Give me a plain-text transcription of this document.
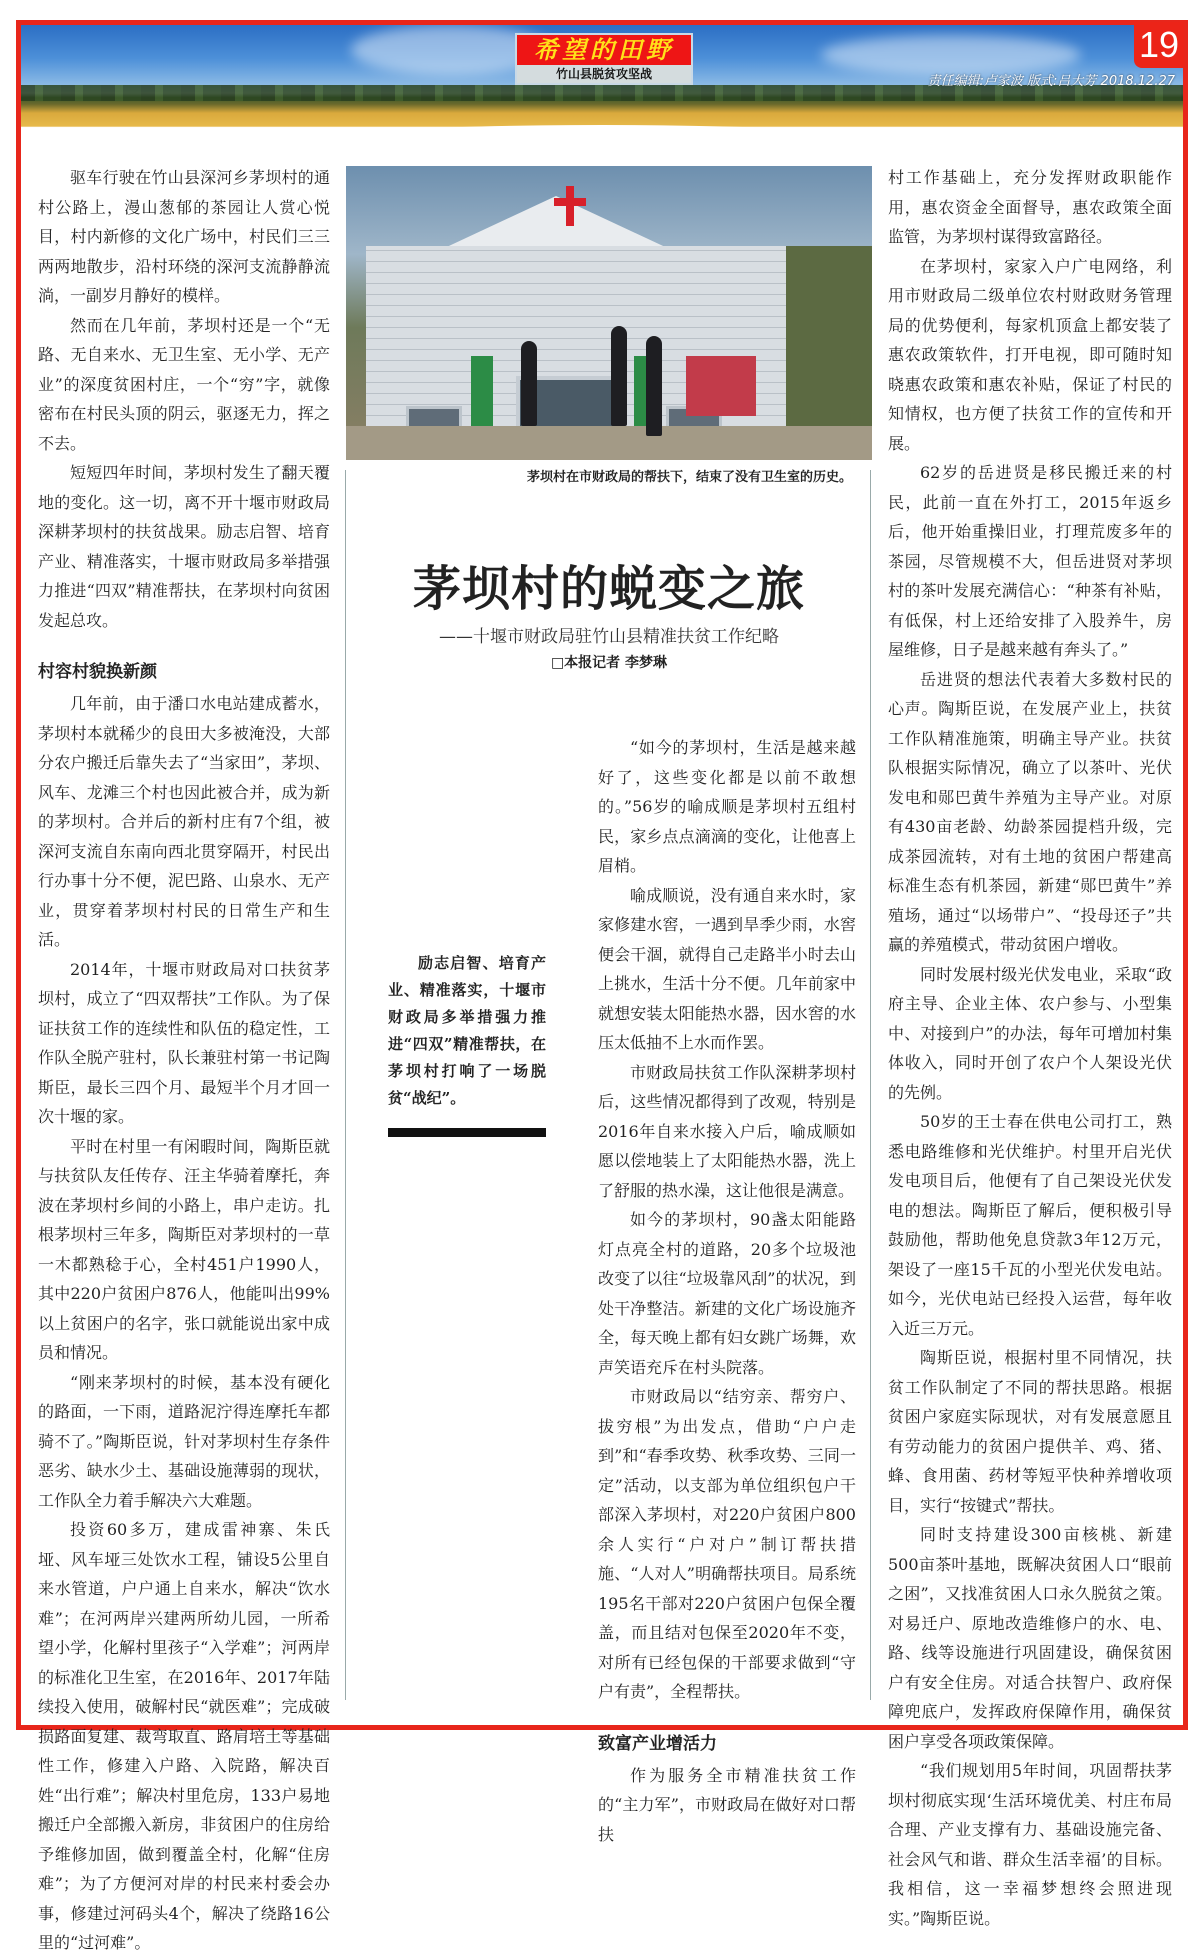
希望的田野
竹山县脱贫攻坚战
19
责任编辑:卢家波 版式:吕大芳 2018.12.27
茅坝村在市财政局的帮扶下，结束了没有卫生室的历史。
茅坝村的蜕变之旅
——十堰市财政局驻竹山县精准扶贫工作纪略
□本报记者 李梦琳
励志启智、培育产业、精准落实，十堰市财政局多举措强力推进“四双”精准帮扶，在茅坝村打响了一场脱贫“战纪”。

驱车行驶在竹山县深河乡茅坝村的通村公路上，漫山葱郁的茶园让人赏心悦目，村内新修的文化广场中，村民们三三两两地散步，沿村环绕的深河支流静静流淌，一副岁月静好的模样。

然而在几年前，茅坝村还是一个“无路、无自来水、无卫生室、无小学、无产业”的深度贫困村庄，一个“穷”字，就像密布在村民头顶的阴云，驱逐无力，挥之不去。

短短四年时间，茅坝村发生了翻天覆地的变化。这一切，离不开十堰市财政局深耕茅坝村的扶贫战果。励志启智、培育产业、精准落实，十堰市财政局多举措强力推进“四双”精准帮扶，在茅坝村向贫困发起总攻。

村容村貌换新颜

几年前，由于潘口水电站建成蓄水，茅坝村本就稀少的良田大多被淹没，大部分农户搬迁后靠失去了“当家田”，茅坝、风车、龙滩三个村也因此被合并，成为新的茅坝村。合并后的新村庄有7个组，被深河支流自东南向西北贯穿隔开，村民出行办事十分不便，泥巴路、山泉水、无产业，贯穿着茅坝村村民的日常生产和生活。

2014年，十堰市财政局对口扶贫茅坝村，成立了“四双帮扶”工作队。为了保证扶贫工作的连续性和队伍的稳定性，工作队全脱产驻村，队长兼驻村第一书记陶斯臣，最长三四个月、最短半个月才回一次十堰的家。

平时在村里一有闲暇时间，陶斯臣就与扶贫队友任传存、汪主华骑着摩托，奔波在茅坝村乡间的小路上，串户走访。扎根茅坝村三年多，陶斯臣对茅坝村的一草一木都熟稔于心，全村451户1990人，其中220户贫困户876人，他能叫出99%以上贫困户的名字，张口就能说出家中成员和情况。

“刚来茅坝村的时候，基本没有硬化的路面，一下雨，道路泥泞得连摩托车都骑不了。”陶斯臣说，针对茅坝村生存条件恶劣、缺水少土、基础设施薄弱的现状，工作队全力着手解决六大难题。

投资60多万，建成雷神寨、朱氏垭、风车垭三处饮水工程，铺设5公里自来水管道，户户通上自来水，解决“饮水难”；在河两岸兴建两所幼儿园，一所希望小学，化解村里孩子“入学难”；河两岸的标准化卫生室，在2016年、2017年陆续投入使用，破解村民“就医难”；完成破损路面复建、裁弯取直、路肩培土等基础性工作，修建入户路、入院路，解决百姓“出行难”；解决村里危房，133户易地搬迁户全部搬入新房，非贫困户的住房给予维修加固，做到覆盖全村，化解“住房难”；为了方便河对岸的村民来村委会办事，修建过河码头4个，解决了绕路16公里的“过河难”。

“如今的茅坝村，生活是越来越好了，这些变化都是以前不敢想的。”56岁的喻成顺是茅坝村五组村民，家乡点点滴滴的变化，让他喜上眉梢。

喻成顺说，没有通自来水时，家家修建水窖，一遇到旱季少雨，水窖便会干涸，就得自己走路半小时去山上挑水，生活十分不便。几年前家中就想安装太阳能热水器，因水窖的水压太低抽不上水而作罢。

市财政局扶贫工作队深耕茅坝村后，这些情况都得到了改观，特别是2016年自来水接入户后，喻成顺如愿以偿地装上了太阳能热水器，洗上了舒服的热水澡，这让他很是满意。

如今的茅坝村，90盏太阳能路灯点亮全村的道路，20多个垃圾池改变了以往“垃圾靠风刮”的状况，到处干净整洁。新建的文化广场设施齐全，每天晚上都有妇女跳广场舞，欢声笑语充斥在村头院落。

市财政局以“结穷亲、帮穷户、拔穷根”为出发点，借助“户户走到”和“春季攻势、秋季攻势、三同一定”活动，以支部为单位组织包户干部深入茅坝村，对220户贫困户800余人实行“户对户”制订帮扶措施、“人对人”明确帮扶项目。局系统195名干部对220户贫困户包保全覆盖，而且结对包保至2020年不变，对所有已经包保的干部要求做到“守户有责”，全程帮扶。

致富产业增活力

作为服务全市精准扶贫工作的“主力军”，市财政局在做好对口帮扶

村工作基础上，充分发挥财政职能作用，惠农资金全面督导，惠农政策全面监管，为茅坝村谋得致富路径。

在茅坝村，家家入户广电网络，利用市财政局二级单位农村财政财务管理局的优势便利，每家机顶盒上都安装了惠农政策软件，打开电视，即可随时知晓惠农政策和惠农补贴，保证了村民的知情权，也方便了扶贫工作的宣传和开展。

62岁的岳进贤是移民搬迁来的村民，此前一直在外打工，2015年返乡后，他开始重操旧业，打理荒废多年的茶园，尽管规模不大，但岳进贤对茅坝村的茶叶发展充满信心：“种茶有补贴，有低保，村上还给安排了入股养牛，房屋维修，日子是越来越有奔头了。”

岳进贤的想法代表着大多数村民的心声。陶斯臣说，在发展产业上，扶贫工作队精准施策，明确主导产业。扶贫队根据实际情况，确立了以茶叶、光伏发电和郧巴黄牛养殖为主导产业。对原有430亩老龄、幼龄茶园提档升级，完成茶园流转，对有土地的贫困户帮建高标准生态有机茶园，新建“郧巴黄牛”养殖场，通过“以场带户”、“投母还子”共赢的养殖模式，带动贫困户增收。

同时发展村级光伏发电业，采取“政府主导、企业主体、农户参与、小型集中、对接到户”的办法，每年可增加村集体收入，同时开创了农户个人架设光伏的先例。

50岁的王士春在供电公司打工，熟悉电路维修和光伏维护。村里开启光伏发电项目后，他便有了自己架设光伏发电的想法。陶斯臣了解后，便积极引导鼓励他，帮助他免息贷款3年12万元，架设了一座15千瓦的小型光伏发电站。如今，光伏电站已经投入运营，每年收入近三万元。

陶斯臣说，根据村里不同情况，扶贫工作队制定了不同的帮扶思路。根据贫困户家庭实际现状，对有发展意愿且有劳动能力的贫困户提供羊、鸡、猪、蜂、食用菌、药材等短平快种养增收项目，实行“按键式”帮扶。

同时支持建设300亩核桃、新建500亩茶叶基地，既解决贫困人口“眼前之困”，又找准贫困人口永久脱贫之策。对易迁户、原地改造维修户的水、电、路、线等设施进行巩固建设，确保贫困户有安全住房。对适合扶智户、政府保障兜底户，发挥政府保障作用，确保贫困户享受各项政策保障。

“我们规划用5年时间，巩固帮扶茅坝村彻底实现‘生活环境优美、村庄布局合理、产业支撑有力、基础设施完备、社会风气和谐、群众生活幸福’的目标。我相信，这一幸福梦想终会照进现实。”陶斯臣说。
